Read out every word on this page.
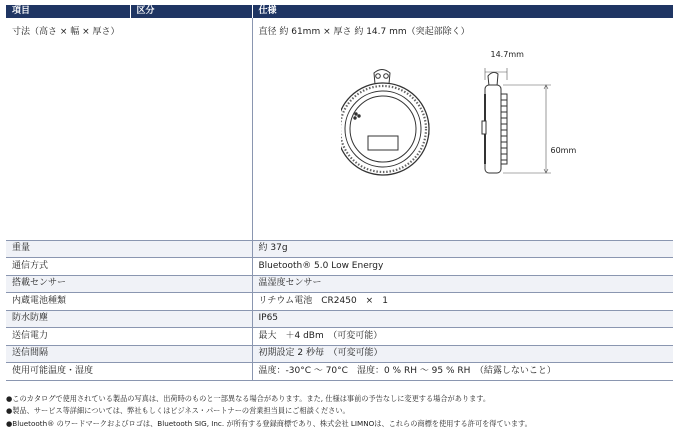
項目	区分	仕様
寸法（高さ × 幅 × 厚さ）		直径 約 61mm × 厚さ 約 14.7 mm（突起部除く）
14.7mm
60mm

重量		約 37g
通信方式		Bluetooth® 5.0 Low Energy
搭載センサー		温湿度センサー
内蔵電池種類		リチウム電池　CR2450　×　1
防水防塵		IP65
送信電力		最大　＋4 dBm　（可変可能）
送信間隔		初期設定 2 秒毎　（可変可能）
使用可能温度・湿度		温度：-30°C 〜 70°C　湿度：0 % RH 〜 95 % RH　（結露しないこと）
●このカタログで使用されている製品の写真は、出荷時のものと一部異なる場合があります。また, 仕様は事前の予告なしに変更する場合があります。
●製品、サービス等詳細については、弊社もしくはビジネス・パートナーの営業担当員にご相談ください。
●Bluetooth® のワードマークおよびロゴは、Bluetooth SIG, Inc. が所有する登録商標であり、株式会社 LIMNOは、これらの商標を使用する許可を得ています。
